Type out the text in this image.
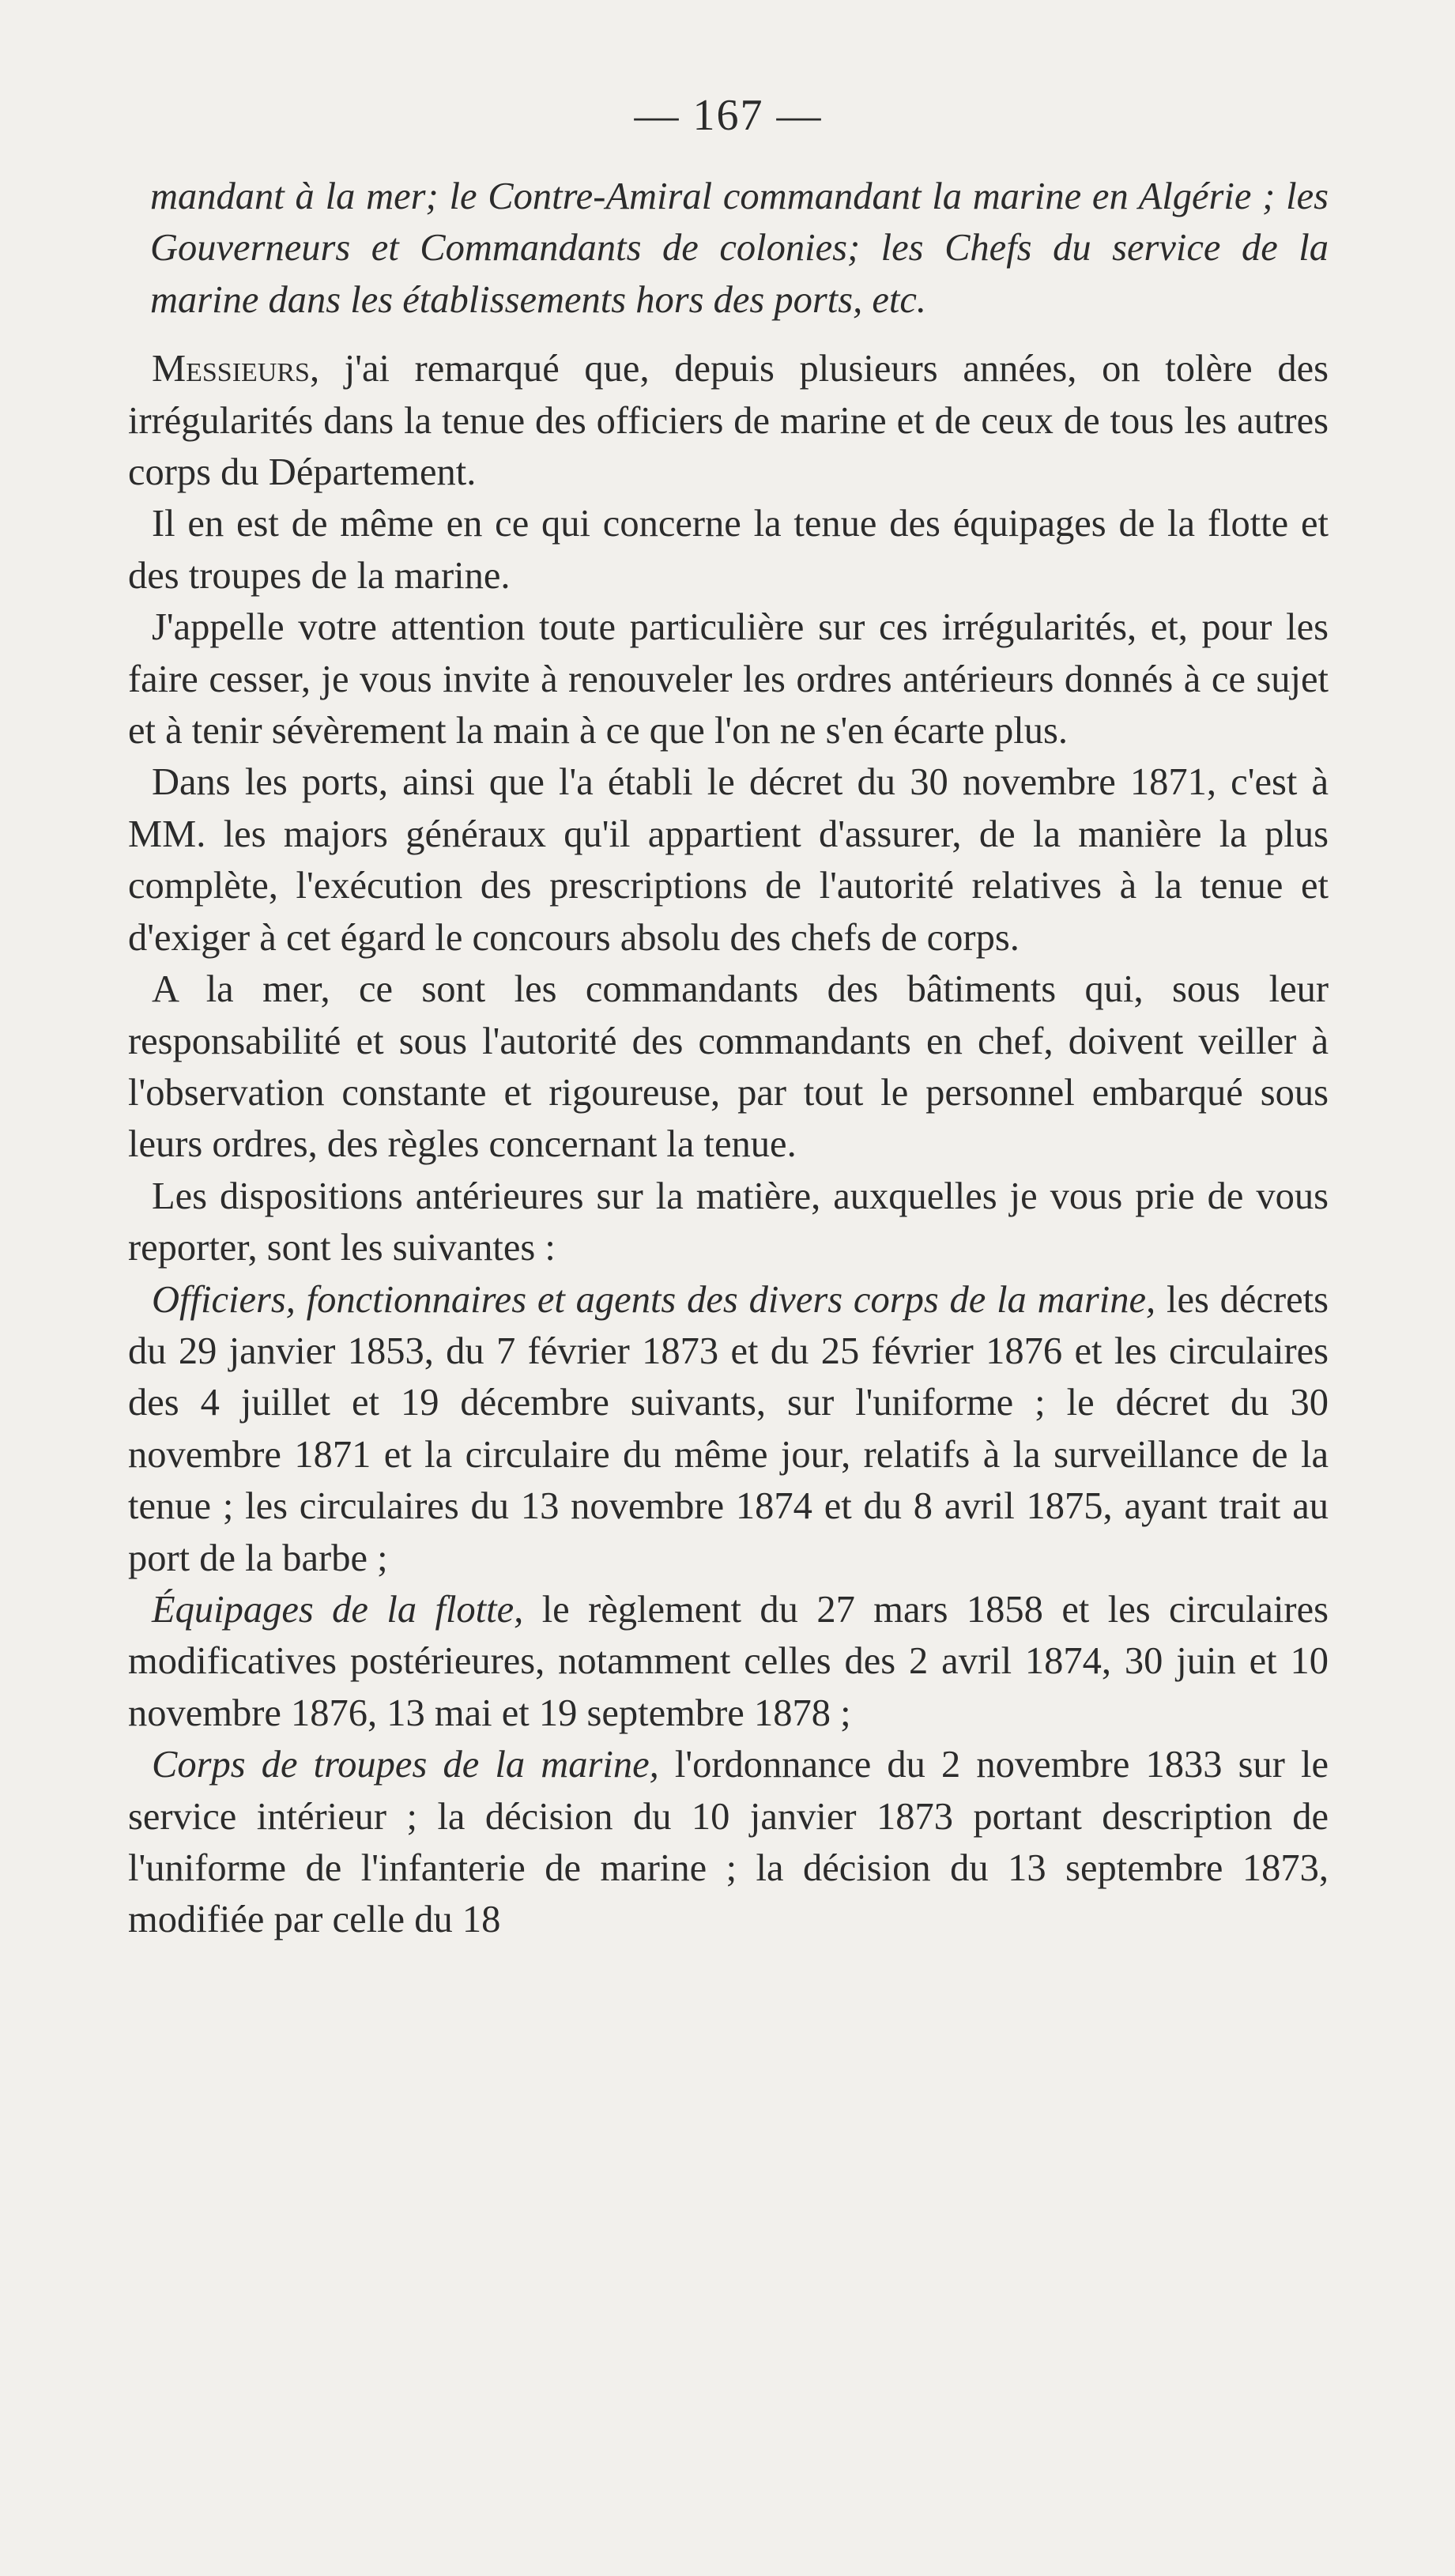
— 167 —

mandant à la mer; le Contre-Amiral commandant la marine en Algérie ; les Gouverneurs et Commandants de colonies; les Chefs du service de la marine dans les établissements hors des ports, etc.

Messieurs, j'ai remarqué que, depuis plusieurs années, on tolère des irrégularités dans la tenue des officiers de marine et de ceux de tous les autres corps du Département.

Il en est de même en ce qui concerne la tenue des équipages de la flotte et des troupes de la marine.

J'appelle votre attention toute particulière sur ces irrégularités, et, pour les faire cesser, je vous invite à renouveler les ordres antérieurs donnés à ce sujet et à tenir sévèrement la main à ce que l'on ne s'en écarte plus.

Dans les ports, ainsi que l'a établi le décret du 30 novembre 1871, c'est à MM. les majors généraux qu'il appartient d'assurer, de la manière la plus complète, l'exécution des prescriptions de l'autorité relatives à la tenue et d'exiger à cet égard le concours absolu des chefs de corps.

A la mer, ce sont les commandants des bâtiments qui, sous leur responsabilité et sous l'autorité des commandants en chef, doivent veiller à l'observation constante et rigoureuse, par tout le personnel embarqué sous leurs ordres, des règles concernant la tenue.

Les dispositions antérieures sur la matière, auxquelles je vous prie de vous reporter, sont les suivantes :

Officiers, fonctionnaires et agents des divers corps de la marine, les décrets du 29 janvier 1853, du 7 février 1873 et du 25 février 1876 et les circulaires des 4 juillet et 19 décembre suivants, sur l'uniforme ; le décret du 30 novembre 1871 et la circulaire du même jour, relatifs à la surveillance de la tenue ; les circulaires du 13 novembre 1874 et du 8 avril 1875, ayant trait au port de la barbe ;

Équipages de la flotte, le règlement du 27 mars 1858 et les circulaires modificatives postérieures, notamment celles des 2 avril 1874, 30 juin et 10 novembre 1876, 13 mai et 19 septembre 1878 ;

Corps de troupes de la marine, l'ordonnance du 2 novembre 1833 sur le service intérieur ; la décision du 10 janvier 1873 portant description de l'uniforme de l'infanterie de marine ; la décision du 13 septembre 1873, modifiée par celle du 18
